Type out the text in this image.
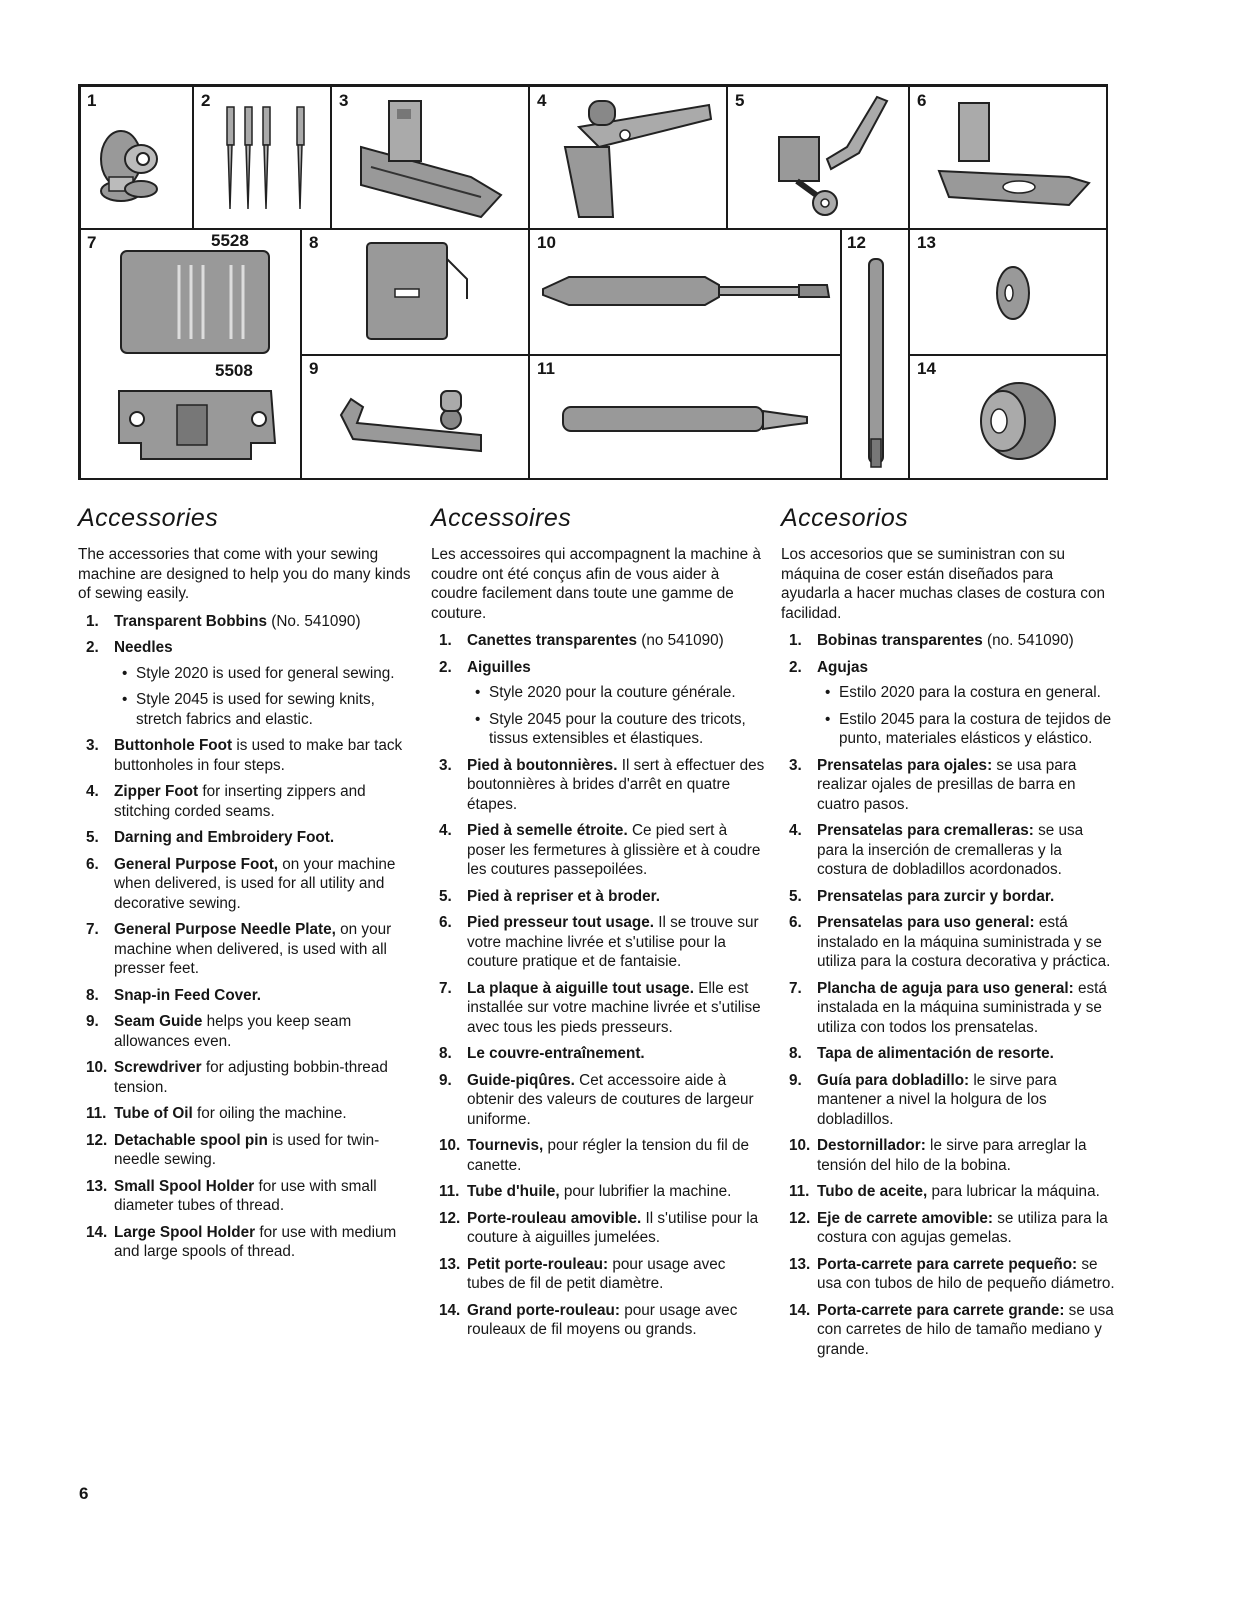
1	2	3	4	5	6
7	5528
5508
8
9
10
11
12	13
14
Accessories

The accessories that come with your sewing machine are designed to help you do many kinds of sewing easily.

1. Transparent Bobbins (No. 541090)
2. Needles
• Style 2020 is used for general sewing.
• Style 2045 is used for sewing knits, stretch fabrics and elastic.
3. Buttonhole Foot is used to make bar tack buttonholes in four steps.
4. Zipper Foot for inserting zippers and stitching corded seams.
5. Darning and Embroidery Foot.
6. General Purpose Foot, on your machine when delivered, is used for all utility and decorative sewing.
7. General Purpose Needle Plate, on your machine when delivered, is used with all presser feet.
8. Snap-in Feed Cover.
9. Seam Guide helps you keep seam allowances even.
10. Screwdriver for adjusting bobbin-thread tension.
11. Tube of Oil for oiling the machine.
12. Detachable spool pin is used for twin-needle sewing.
13. Small Spool Holder for use with small diameter tubes of thread.
14. Large Spool Holder for use with medium and large spools of thread.
Accessoires

Les accessoires qui accompagnent la machine à coudre ont été conçus afin de vous aider à coudre facilement dans toute une gamme de couture.

1. Canettes transparentes (no 541090)
2. Aiguilles
• Style 2020 pour la couture générale.
• Style 2045 pour la couture des tricots, tissus extensibles et élastiques.
3. Pied à boutonnières. Il sert à effectuer des boutonnières à brides d'arrêt en quatre étapes.
4. Pied à semelle étroite. Ce pied sert à poser les fermetures à glissière et à coudre les coutures passepoilées.
5. Pied à repriser et à broder.
6. Pied presseur tout usage. Il se trouve sur votre machine livrée et s'utilise pour la couture pratique et de fantaisie.
7. La plaque à aiguille tout usage. Elle est installée sur votre machine livrée et s'utilise avec tous les pieds presseurs.
8. Le couvre-entraînement.
9. Guide-piqûres. Cet accessoire aide à obtenir des valeurs de coutures de largeur uniforme.
10. Tournevis, pour régler la tension du fil de canette.
11. Tube d'huile, pour lubrifier la machine.
12. Porte-rouleau amovible. Il s'utilise pour la couture à aiguilles jumelées.
13. Petit porte-rouleau: pour usage avec tubes de fil de petit diamètre.
14. Grand porte-rouleau: pour usage avec rouleaux de fil moyens ou grands.
Accesorios

Los accesorios que se suministran con su máquina de coser están diseñados para ayudarla a hacer muchas clases de costura con facilidad.

1. Bobinas transparentes (no. 541090)
2. Agujas
• Estilo 2020 para la costura en general.
• Estilo 2045 para la costura de tejidos de punto, materiales elásticos y elástico.
3. Prensatelas para ojales: se usa para realizar ojales de presillas de barra en cuatro pasos.
4. Prensatelas para cremalleras: se usa para la inserción de cremalleras y la costura de dobladillos acordonados.
5. Prensatelas para zurcir y bordar.
6. Prensatelas para uso general: está instalado en la máquina suministrada y se utiliza para la costura decorativa y práctica.
7. Plancha de aguja para uso general: está instalada en la máquina suministrada y se utiliza con todos los prensatelas.
8. Tapa de alimentación de resorte.
9. Guía para dobladillo: le sirve para mantener a nivel la holgura de los dobladillos.
10. Destornillador: le sirve para arreglar la tensión del hilo de la bobina.
11. Tubo de aceite, para lubricar la máquina.
12. Eje de carrete amovible: se utiliza para la costura con agujas gemelas.
13. Porta-carrete para carrete pequeño: se usa con tubos de hilo de pequeño diámetro.
14. Porta-carrete para carrete grande: se usa con carretes de hilo de tamaño mediano y grande.
6
